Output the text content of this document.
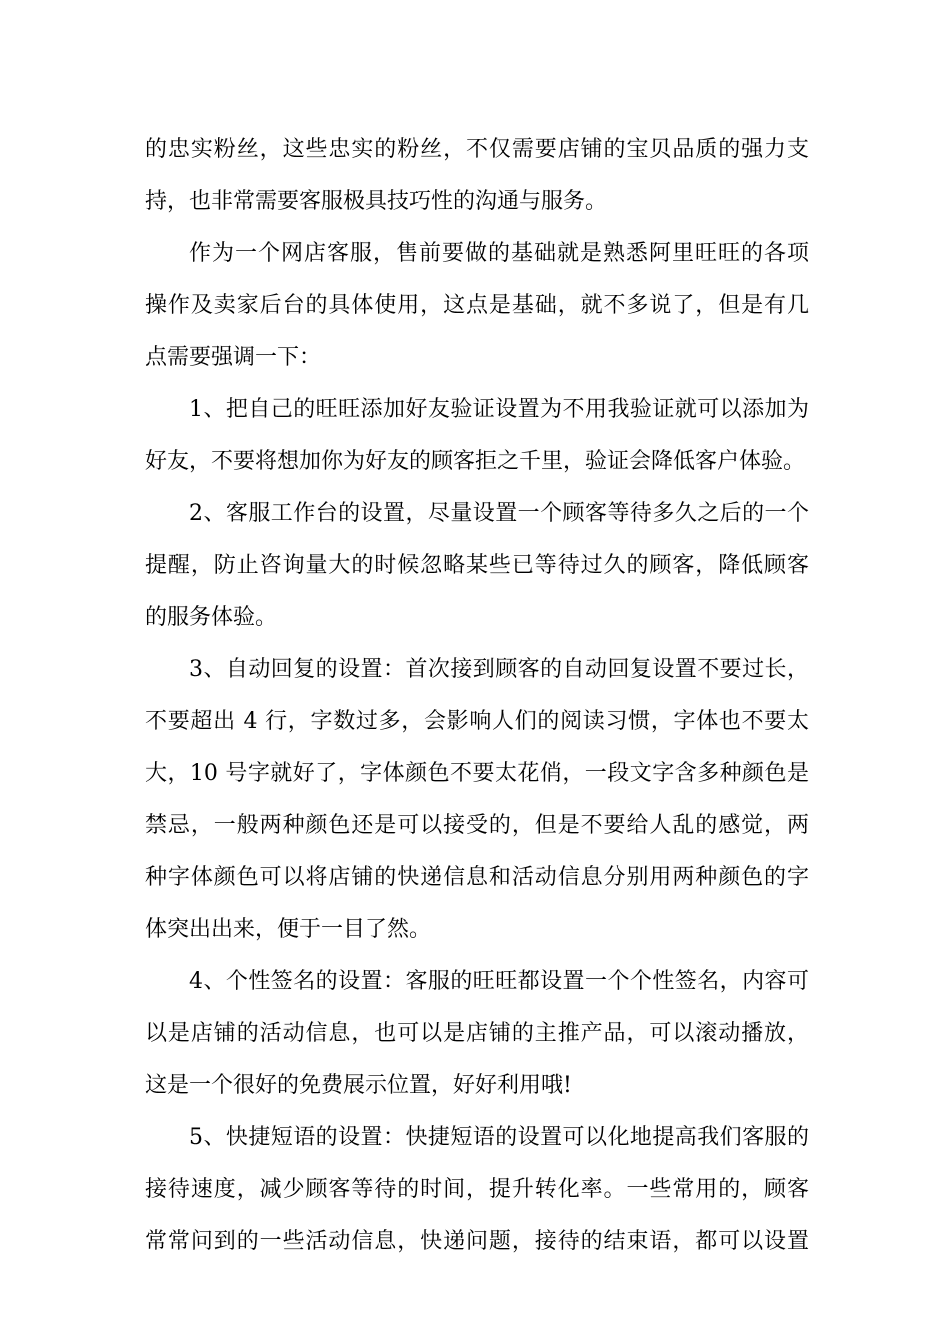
的忠实粉丝，这些忠实的粉丝，不仅需要店铺的宝贝品质的强力支
持，也非常需要客服极具技巧性的沟通与服务。
作为一个网店客服，售前要做的基础就是熟悉阿里旺旺的各项
操作及卖家后台的具体使用，这点是基础，就不多说了，但是有几
点需要强调一下：
1、把自己的旺旺添加好友验证设置为不用我验证就可以添加为
好友，不要将想加你为好友的顾客拒之千里，验证会降低客户体验。
2、客服工作台的设置，尽量设置一个顾客等待多久之后的一个
提醒，防止咨询量大的时候忽略某些已等待过久的顾客，降低顾客
的服务体验。
3、自动回复的设置：首次接到顾客的自动回复设置不要过长，
不要超出 4 行，字数过多，会影响人们的阅读习惯，字体也不要太
大，10 号字就好了，字体颜色不要太花俏，一段文字含多种颜色是
禁忌，一般两种颜色还是可以接受的，但是不要给人乱的感觉，两
种字体颜色可以将店铺的快递信息和活动信息分别用两种颜色的字
体突出出来，便于一目了然。
4、个性签名的设置：客服的旺旺都设置一个个性签名，内容可
以是店铺的活动信息，也可以是店铺的主推产品，可以滚动播放，
这是一个很好的免费展示位置，好好利用哦!
5、快捷短语的设置：快捷短语的设置可以化地提高我们客服的
接待速度，减少顾客等待的时间，提升转化率。一些常用的，顾客
常常问到的一些活动信息，快递问题，接待的结束语，都可以设置
